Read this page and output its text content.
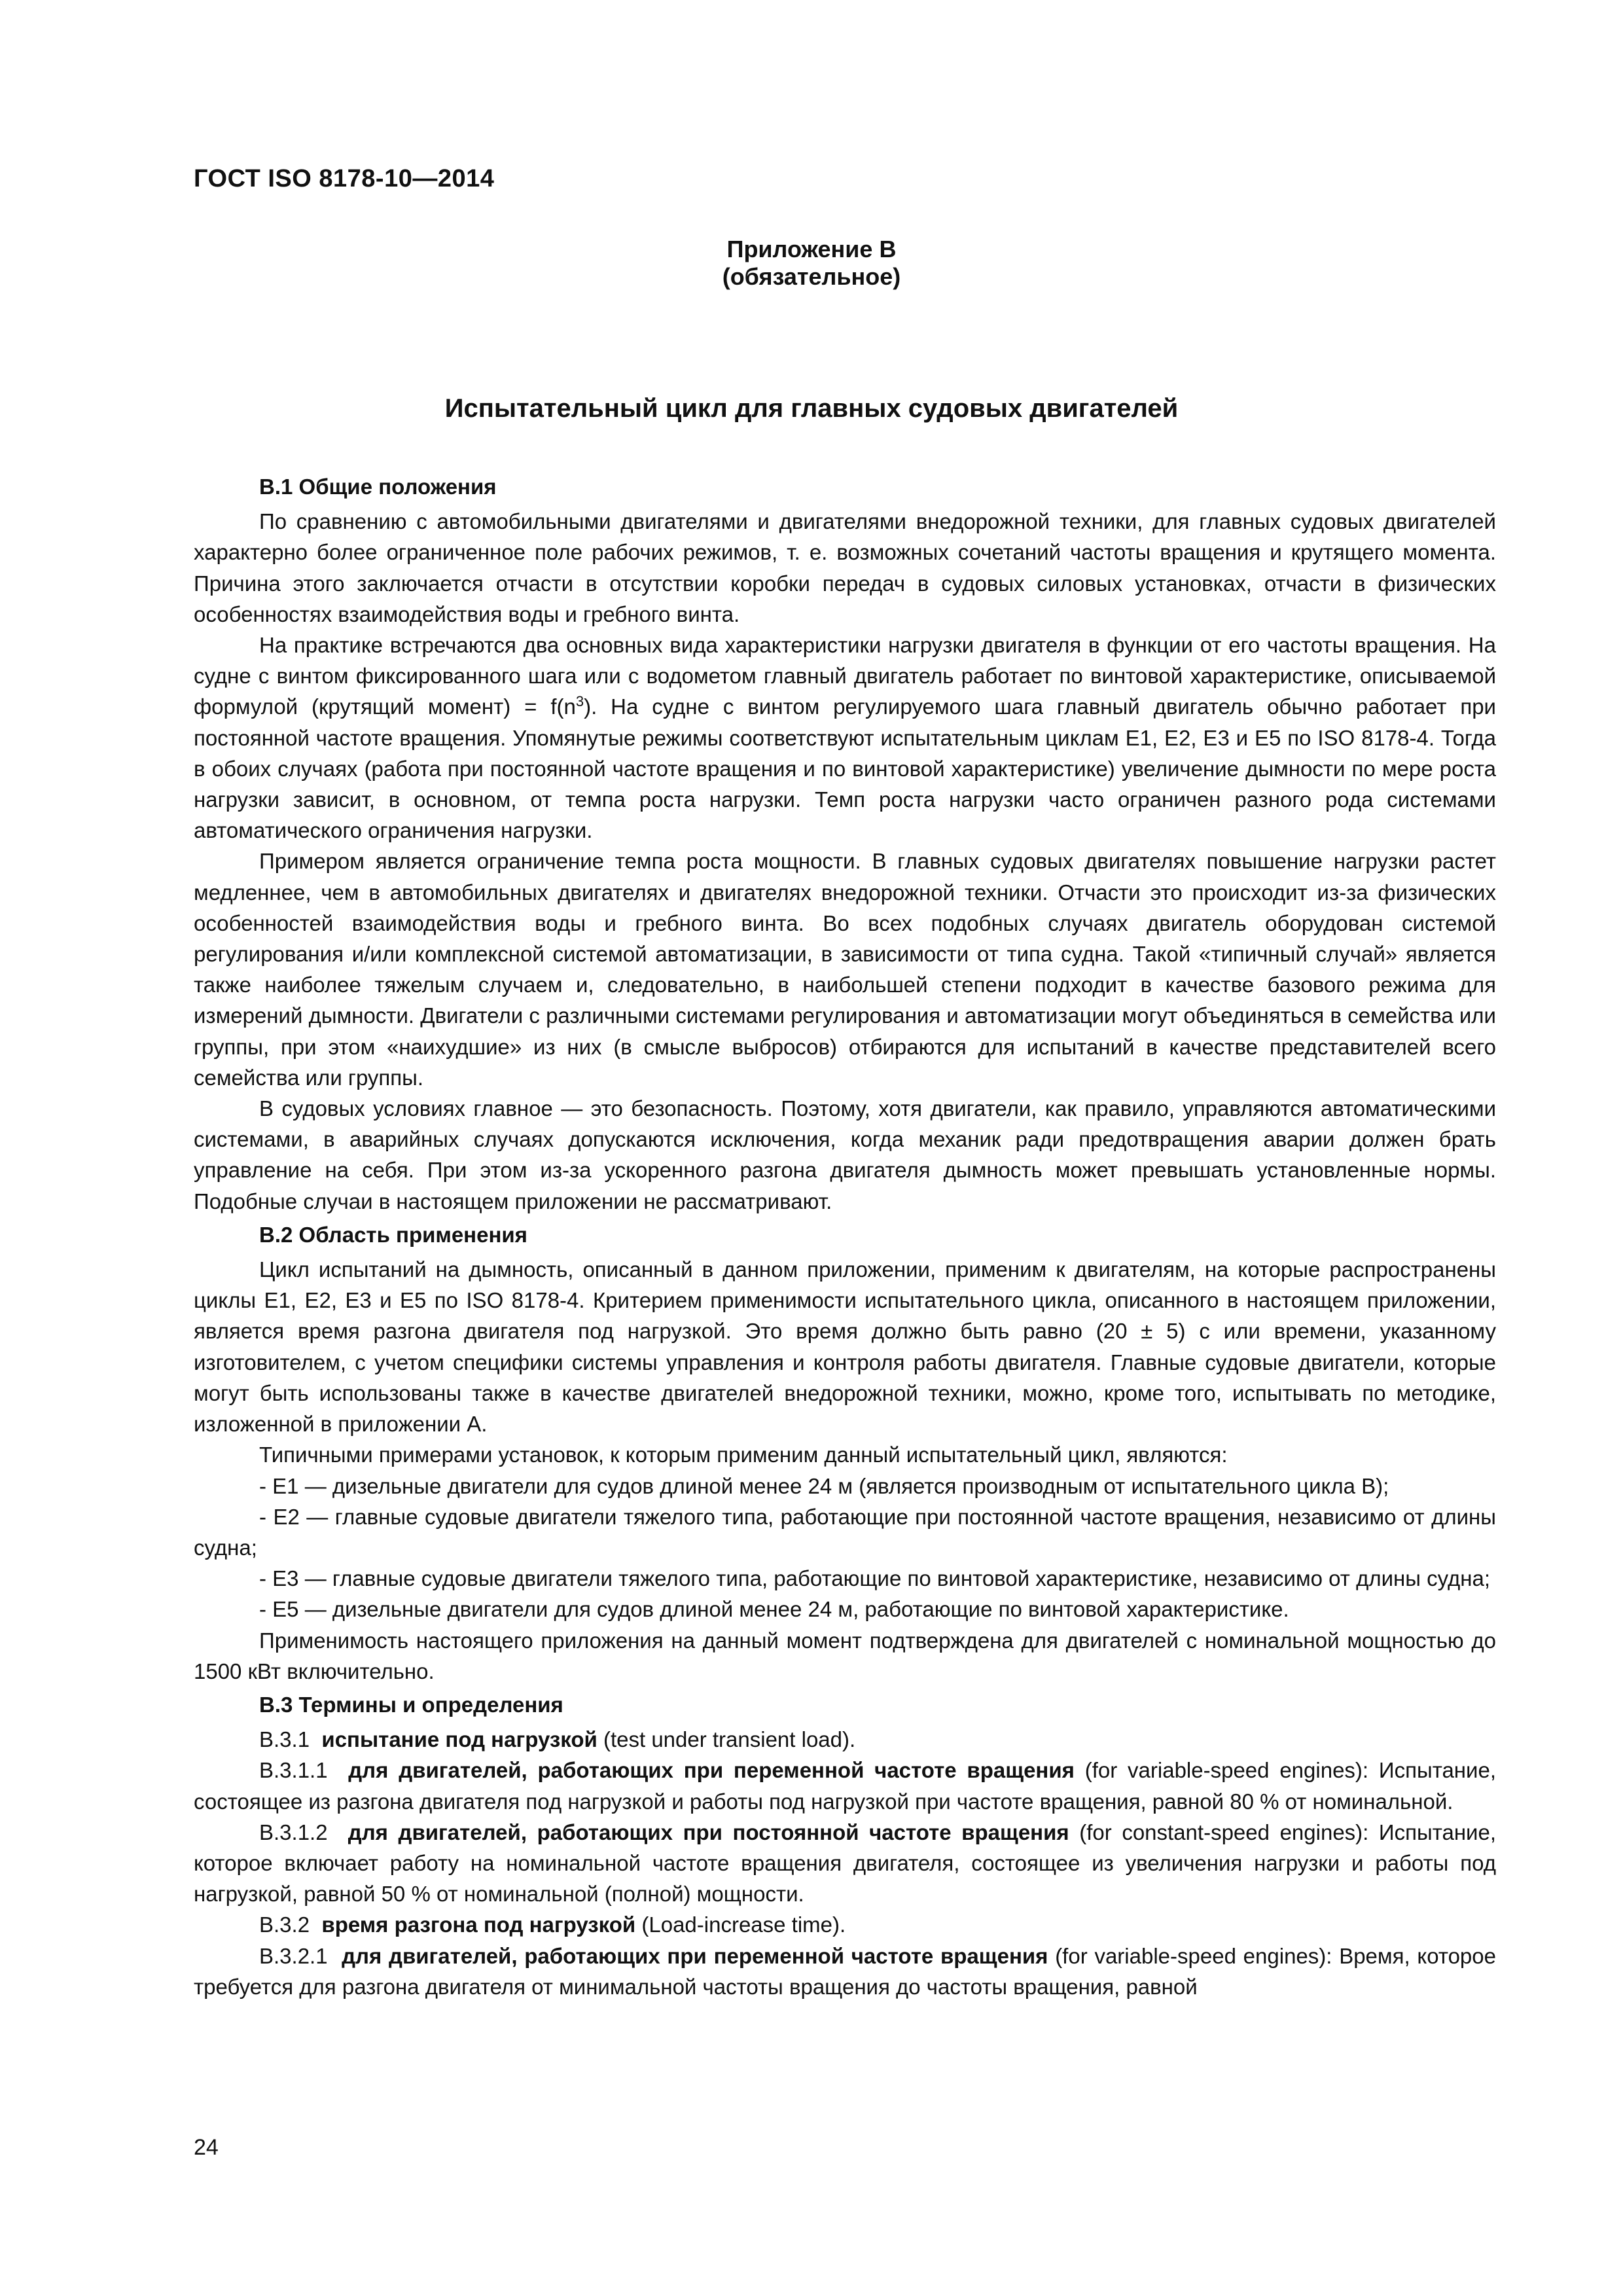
ГОСТ ISO 8178-10—2014
Приложение В
(обязательное)
Испытательный цикл для главных судовых двигателей
В.1 Общие положения

По сравнению с автомобильными двигателями и двигателями внедорожной техники, для главных судовых двигателей характерно более ограниченное поле рабочих режимов, т. е. возможных сочетаний частоты вращения и крутящего момента. Причина этого заключается отчасти в отсутствии коробки передач в судовых силовых установках, отчасти в физических особенностях взаимодействия воды и гребного винта.

На практике встречаются два основных вида характеристики нагрузки двигателя в функции от его частоты вращения. На судне с винтом фиксированного шага или с водометом главный двигатель работает по винтовой характеристике, описываемой формулой (крутящий момент) = $f(n^3)$. На судне с винтом регулируемого шага главный двигатель обычно работает при постоянной частоте вращения. Упомянутые режимы соответствуют испытательным циклам Е1, Е2, Е3 и Е5 по ISO 8178-4. Тогда в обоих случаях (работа при постоянной частоте вращения и по винтовой характеристике) увеличение дымности по мере роста нагрузки зависит, в основном, от темпа роста нагрузки. Темп роста нагрузки часто ограничен разного рода системами автоматического ограничения нагрузки.

Примером является ограничение темпа роста мощности. В главных судовых двигателях повышение нагрузки растет медленнее, чем в автомобильных двигателях и двигателях внедорожной техники. Отчасти это происходит из-за физических особенностей взаимодействия воды и гребного винта. Во всех подобных случаях двигатель оборудован системой регулирования и/или комплексной системой автоматизации, в зависимости от типа судна. Такой «типичный случай» является также наиболее тяжелым случаем и, следовательно, в наибольшей степени подходит в качестве базового режима для измерений дымности. Двигатели с различными системами регулирования и автоматизации могут объединяться в семейства или группы, при этом «наихудшие» из них (в смысле выбросов) отбираются для испытаний в качестве представителей всего семейства или группы.

В судовых условиях главное — это безопасность. Поэтому, хотя двигатели, как правило, управляются автоматическими системами, в аварийных случаях допускаются исключения, когда механик ради предотвращения аварии должен брать управление на себя. При этом из-за ускоренного разгона двигателя дымность может превышать установленные нормы. Подобные случаи в настоящем приложении не рассматривают.

В.2 Область применения

Цикл испытаний на дымность, описанный в данном приложении, применим к двигателям, на которые распространены циклы Е1, Е2, Е3 и Е5 по ISO 8178-4. Критерием применимости испытательного цикла, описанного в настоящем приложении, является время разгона двигателя под нагрузкой. Это время должно быть равно (20 ± 5) с или времени, указанному изготовителем, с учетом специфики системы управления и контроля работы двигателя. Главные судовые двигатели, которые могут быть использованы также в качестве двигателей внедорожной техники, можно, кроме того, испытывать по методике, изложенной в приложении А.

Типичными примерами установок, к которым применим данный испытательный цикл, являются:

- Е1 — дизельные двигатели для судов длиной менее 24 м (является производным от испытательного цикла В);

- Е2 — главные судовые двигатели тяжелого типа, работающие при постоянной частоте вращения, независимо от длины судна;

- Е3 — главные судовые двигатели тяжелого типа, работающие по винтовой характеристике, независимо от длины судна;

- Е5 — дизельные двигатели для судов длиной менее 24 м, работающие по винтовой характеристике.

Применимость настоящего приложения на данный момент подтверждена для двигателей с номинальной мощностью до 1500 кВт включительно.

В.3 Термины и определения

В.3.1 испытание под нагрузкой (test under transient load).

В.3.1.1 для двигателей, работающих при переменной частоте вращения (for variable-speed engines): Испытание, состоящее из разгона двигателя под нагрузкой и работы под нагрузкой при частоте вращения, равной 80 % от номинальной.

В.3.1.2 для двигателей, работающих при постоянной частоте вращения (for constant-speed engines): Испытание, которое включает работу на номинальной частоте вращения двигателя, состоящее из увеличения нагрузки и работы под нагрузкой, равной 50 % от номинальной (полной) мощности.

В.3.2 время разгона под нагрузкой (Load-increase time).

В.3.2.1 для двигателей, работающих при переменной частоте вращения (for variable-speed engines): Время, которое требуется для разгона двигателя от минимальной частоты вращения до частоты вращения, равной

24
